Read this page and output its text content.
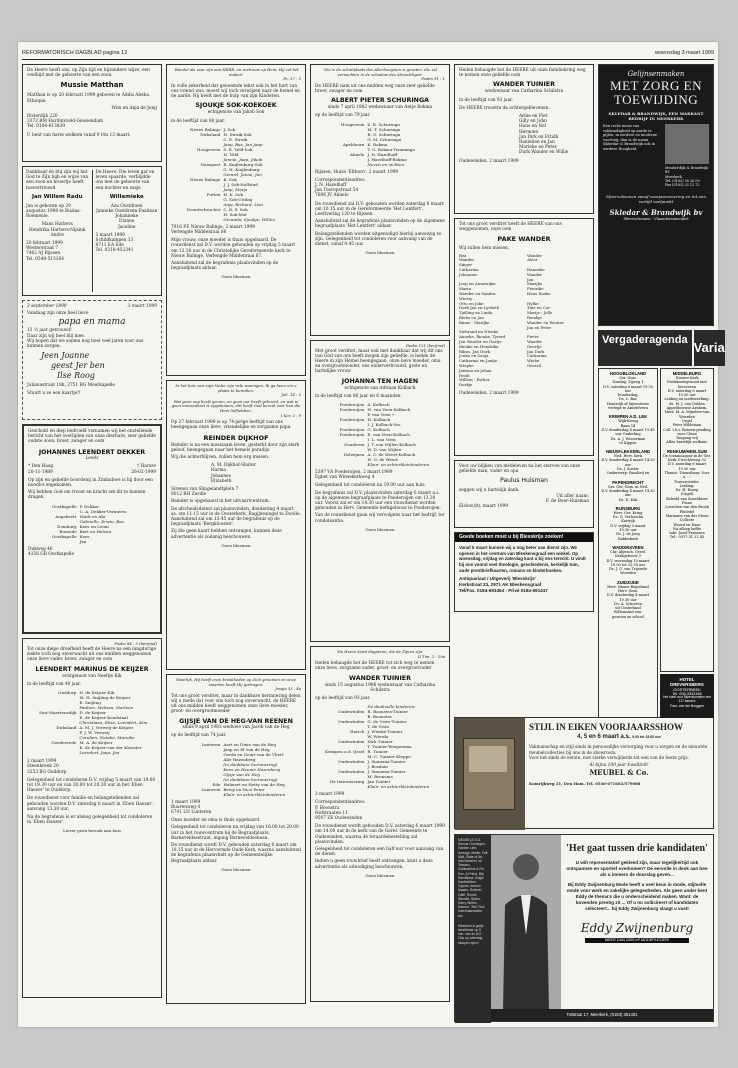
REFORMATORISCH DAGBLAD pagina 12	woensdag 3 maart 1999
De Heere heeft ons, op Zijn tijd en bijzondere wijze, een veelbijd met de geboorte van een zoon.
Mussie Matthan
Matthan is op 20 februari 1999 geboren te Addis Abeba, Ethiopie.
Wim en Anja de Jong
Rivierdijk 220
3372 BM Hardinxveld-Giessendam
Tel. 0184-613839
U bent van harte welkom vanaf 9 t/m 13 maart.
Dankbaar en blij zijn wij het God te Zijn bijh en wijze van een zoon en broertje heeft toevertrouwd
Jan Willem Radu
Jan is geboren op 29 augustus 1998 te Buzias-Roemenie.
Mans Harbers
Hendrika Harbers-Nijsink
Andre
20 februari 1999
Westerstraat 7
7462 AJ Rijssen
Tel. 0548-513164
De Heere, Die leven gaf en leven spaarde, verblijdde ons met de geboorte van een dochter en zusje
Willemieke
Aza Oostdrsen
Janneke Oostdrsen-Paalman
Johanneke
Dianne
Jaceline
3 maart 1999
Schildkampen 13
8711 EA Ede
Tel. 0318-452341
3 september 1899	3 maart 1999
Vandaag zijn onze heel lieve
papa en mama
12 ½ jaar getrouwd!
Daar zijn wij heel blij mee.
Wij hopen dat we samen nog heel veel jaren voor ons kunnen zorgen.
Jeen Joanne
geest Jer ben
Ilse Roog
Julianastraat 18h, 2751 BG Moerkapelle
Stuurt u ze een kaartje!!
Geschokt en diep bedroefd vernamen wij het onstellende bericht van het overlijden van onze dierbare, zeer geliefde oudste zoon, broer, zwager en oom
JOHANNES LEENDERT DEKKER
Leeds
* Den Haag
20-11-1989
† Harare
26-02-1999
Op zijn en geliefde boordenij in Zimbabwe is hij door een noodlot engekomen.
Wij hebben God om troost en kracht om dit te kunnen dragen.
Oostkapelle P. Dekker
C. A. Dekker-Vermeets
Augsbeetr Mark en Ahi
Gabrielle, Erwin, Bas
Domburg Kees en Leoni
Bussede Bart en Heleen
Oostkapelle Kees
Jan
Dukweg 46
4356 GB Oostkapelle
Psalm 84 : 5 (berijmd)
Tot onze diepe droefheid heeft de Heere na een langdurige ziekte toch nog onverwacht uit ons midden weggenomen onze lieve vader, broer, zwager en oom
LEENDERT MARINUS DE KEIJZER
echtgenoot van Neeltje Kik
in de leeftijd van 48 jaar.
Ouddorp N. de Keijzer-Kik
M. H. Snijling-de Keijzer
E. Snijling
Paulien, Melissa, Marleen
Sint-Maartensdijk D. de Keijzer
E. de Keijzer-Koudstaal
Chiristiaan, Elise, Leendert, Kim
Dirksland A. M. J. Verweij-de Keijzer
F. J. W. Verweij
Carolien, Natalie, Marieke
Goedereede M. A. de Keijzer
K. de Keijzer-van der Klooster
Leendert, Jaap, Jan
2 maart 1999
Steenkreek 20
3253 BG Ouddorp
Gelegenheid tot condoleren D.V. vrijdag 5 maart van 19.00 tot 19.30 uur en van 20.00 tot 20.30 uur in het 'Eben Haezer' te Ouddorp.
De rouwdienst voor familie en belangstellenden zal gehouden worden D.V. zaterdag 6 maart in 'Eben Haezer', aanvang 13.30 uur.
Na de begrafenis is er alsnog gelegenheid tot condoleren in 'Eben Haezer'.
Liever geen bezoek aan huis
'Wandel als voor zijn aan HERE, en vertrouw op Hem; Hij zal het maken'
Ps. 37 : 5
In volle zekerheid dat genoemde tekst ook in het hart van ons vriend was, moest wij toch verwijzen naar de hemel en de aarde. Hij heeft met de hulp van zijn Kinderen.
SJOUKJE SOK-KOEKOEK
echtgenote van Jakob Sok
in de leeftijd van 80 jaar.
Nieuw Balinge J. Sok
Dirksland H. Struik-Sok
C. E. Struik
Jaap, Bas, Jan Jaap
Hoogeveen S. R. Veld-Sok
H. Veld
Jannie, Jaap, Jakob
Nunspeet R. Kuijlenburg-Sok
G. H. Kuijlenburg
Gerard, Janne, Jan
Nieuw Balinge K. Sok
J. J. Sok-Hollstad
Jaap, Marja
Putten H. K. Sok
G. Sok-Uitdag
Anja, Richard, Lisa
Noordscheschut C. R. S. Sok
H. Sok-Mol
Geranda, Sjoukje, Willen
7916 PE Nieuw Balinge, 2 maart 1999
Verlengde Middenraai 66
Mijn vrouw, onze moeder is thuis opgebaard. De rouwdienst zal D.V. worden gehouden op vrijdag 5 maart om 12.30 uur in de Christelijke Gereformeerde kerk te Nieuw Balinge, Verlengde Middenraai 67.
Aansluitend zal de begrafenis plaatsvinden op de begraafplaats aldaar.
Geen bloemen
In het huis van mijn Vader zijn vele woningen. Ik ga heen om u plaats te bereiden.
Joh. 14 : 2
Wat geen oog heeft gezien, en geen oor heeft gehoord, en wat in geen mensenhart is opgekomen, dat heeft God bereid voor hen die Hem liefhebben.
I Kor. 2 : 9
Op 27 februari 1999 is op 74-jarige leeftijd van ons heengegaan onze lieve, vriendelijke en zorgzame papa
REINDER DIJKHOF
Reinder is na een moeizaam leven, gesterkt door zijn sterk geloof, heengegaan naar het hemels paradijs.
Wij die achterblijven, zullen hem erg missen.
A. M. Dijkhof-Sluiter
Harma
Johannes
Elizabeth
Sirenen van Slingelandtplein 7
8012 BH Zwolle
Reinder is opgebaard in het uitvaartcentrum.
De afscheidsdienst zal plaatsvinden, donderdag 4 maart as. om 11.15 uur in de Oosterkerk, Bagijnesingel te Zwolle. Aansluitend zal om 13.45 uur de begrafenis op de begraafplaats 'Bergklooster'.
Zij die geen kaart hebben ontvangen, kunnen deze advertentie als zodanig beschouwen.
Geen bloemen
Waarlijk, Hij heeft onze krankheden op Zich genomen en onze smarten heeft Hij gedragen.
Jesaja 53 : 4a
Tot ons groot verdriet, maar in dankbare herinnering delen wij u mede dat voor ons toch nog onverwacht, de HEERE uit ons midden heeft weggenomen onze lieve moeder, groot- en overgrootmoeder
GIJSJE VAN DE HEG-VAN REENEN
sinds 9 april 1983 weduwe van Jacob van de Heg
op de leeftijd van 74 jaar.
Lunteren Aart en Dinie van de Heg
Jaap en Ef van de Heg
Gerda en Geurt van de Vliert
Alie Hazenberg
(in dankbare herinnering)
Kees en Hennie Hazenberg
Gijsje van de Heg
(in dankbare herinnering)
Ede Helmert en Hetty van de Heg
Lunteren Betsy en Nico Peter
Klein- en achterkleinkinderen
1 maart 1999
Buurenweg 4
6741 LN Lunteren
Onze moeder en oma is thuis opgebaard.
Gelegenheid tot condoleren na vrijdag van 16.00 tot 20.00 uur in het rouwcentrum bij de Begraafplaats, Barneveldsestraat, ingang Barneveldsebaan.
De rouwdienst wordt D.V. gehouden zaterdag 6 maart om 10.15 uur in de Hervormde Oude Kerk, waarna aansluitend de begrafenis plaatsvindt op de Gemeentelijke Begraafplaats aldaar.
Geen bloemen
'Die is de schuilplaats des Allerhoogsten is gezeten, die zal vernachten in de schaduw des Almachtigen'
Psalm 91 : 1
De HEERE nam uit ons midden weg onze zeer geliefde broer, zwager en oom
ALBERT PIETER SCHURINGA
sinds 7 april 1982 weduwnaar van Antje Bokma
op de leeftijd van 79 jaar.
Hoogeveen Z. R. Schuringa
M. T. Schuringa
R. G. Schuringa
G. M. Schuringa
Apeldoorn K. Bokma
T. G. Bokma-Temminga
Almelo J. N. Hazelhoff
J. Hazelhoff-Bokma
Neven en nichten
Rijssen, Huize 'Elthoro', 2 maart 1999
Correspondentieadres:
J. N. Hazelhoff
Jan Tooropstraat 54
7606 JV Almelo
De rouwdienst zal D.V. gehouden worden zaterdag 6 maart om 10.15 uur in de Gereformeerde 'Het Lentfert'. Leeftvering 120 te Rijssen.
Aansluitend zal de begrafenis plaatsvinden op de algemene begraafplaats 'Het Lentfert' aldaar.
Belangstellenden worden uitgenodigd hierbij aanwezig te zijn. Gelegenheid tot condoleren voor aanvang van de dienst, vanaf 9.45 uur.
Geen bloemen
Psalm 121 (berijmd)
Met groot verdriet, maar ook met dankbaar dat wij dit ons van God van ons heeft mogen zijn geliefde, is heden de Heere in zijn Hemel heengegaan, onze lieve moeder, oma en overgrootmoeder, ons ondervertrouwd, grote en hartelijke vrouw
JOHANNA TEN HAGEN
echtgenote van Adriaan Kolbach
in de leeftijd van 86 jaar en 6 maanden.
Poederoijen A. Kolbach
Poederoijen H. van Veen-Kolbach
P. van Veen †
Poederoijen H. Kolbach
I. J. Kolbach-Vos
Poederoijen G. Kolbach
Poederoijen E. van Veen-Kolbach
I. L. van Veen
Gouderen J. T. van Wijlen-Kolbach
W. D. van Wijlen
Delwijnen A. C. de Weert-Kolbach
H. G. de Weert
Klein- en achterkleinkinderen
5397 VA Poederoijen, 2 maart 1999
Egbet van Winsekerkweg 4
Gelegenheid tot condoleren na 19.00 uur aan huis.
De begrafenis zal D.V. plaatsvinden zaterdag 6 maart a.s. op de algemene begraafplaats te Poederoijen om 13.30 uur. Voorst zal er om 14.30 uur een rouwdienst worden gehouden in Herv. Gemeente kerkgebouw te Poederoijen.
Van de rouwdienst gaan wij vervolgens naar het bedrijf, ter condoleantie.
Geen bloemen
'De Heere komt dapperen, die de Zijnen zijn'
II Tim. 2 : 19a
Heden behaagde het de HEERE tot zich weg te nemen onze lieve, zorgzame vader, groot- en overgrootvader
WANDER TUINIER
sinds 15 augustus 1986 weduwnaar van Catharina Schilstra
op de leeftijd van 93 jaar.
De dankvolle kinderen:
Oudewinden R. Boonstra-Tuinier
B. Boonstra
Oudewinden G. de Vries-Tuinier
T. de Vries
Harich J. Wieske-Tuinier
W. Wierda
Oudewinden Dirk Tuinier
T. Tuinier-Wiegersma
Krimpen a.d. IJssel R. Tuinier
M. C. Tuinier-Kleppe
Oudewinden J. Sinnema-Tuinier
J. Bosdam
Oudewinden J. Sinnema-Tuinier
M. Brunsma
De Interuwering Jan Tuinier
Klein- en achterkleinkinderen
3 maart 1999
Correspondentieadres:
P. Boonstra
Hofstraaten 11
9507 ZE Oudewinden
De rouwdienst wordt gehouden D.V. zaterdag 6 maart 1999 om 14.00 uur in de kerk van de Geref. Gemeente te Oudewinden, waarna de teraardebestelling zal plaatsvinden.
Gelegenheid tot condoleren een half uur voor aanvang van de dienst.
Indien u geen rouwbrief heeft ontvangen, kunt u deze advertentie als uitnodiging beschouwen.
Geen bloemen
Heden behaagde het de HEERE uit onze familiekring weg te nemen onze geliefde oom
WANDER TUINIER
weduwnaar van Catharina Schilstra
in de leeftijd van 93 jaar.
De HEERE troostte de achtergeblevenen.
Arnie en Piet
Gilly en John
Hans en Nel
Hermien
Jan Dirk en Ettidh
Ranielien en Jan
Marieke en Peter
Durk Wander en Willie
Oudewinden, 2 maart 1999
Tot ons groot verdriet heeft de HEERE van ons weggenomen, onze oom
PAKE WANDER
Wij zullen hem missen.
Bea
Wander
Singer
Catharina
Johannes

Joop en Annewijka
Marta
Wander en Sandra
Wietsy
Otto en Joke
Durk Jan en Lysbeth
Tjalling en Linda
Rieke en Jan
Binne - Marijke

Siebrand en Nienke
Anneke, Rienke, Tjeerd
Jan Wander en Durtje
Rienke en Hendrika
Rikus, Jan Durk
Jouke en Sonja
Catharina en Jantje
Wiepke
Jantina en Johan
Heidi
Willem - Esther
Durkje
Wander
Aleer

Hanneke
Wander
Jan
Marijke
Fienrike
Hans Raoks

Hylke
Tine en Cor
Marije - Jelle
Rienkje
Wander en Wouter
Jan en Peter

Pieter
Wander
Geertje
Jan Durk
Catharina
Wiebe
Gerard
Oudewinden, 2 maart 1999
Voor uw blijken van medeleven na het sterven van onze geliefde man, vader en opa
Paulus Huisman
zeggen wij u hartelijk dank.
Uit aller naam:
F. de Boer-Huisman
Elsloo(dt), maart 1999
Goede boeken moet u bij Blesskrijs zoeken!
Vanaf 5 maart kunnen wij u nog beter van dienst zijn. We openen in het centrum van Bleskensgraaf een winkel. Op woensdag, vrijdag en zaterdag kunt u bij ons terecht. U vindt bij ons vooral veel theologie, geschiedenis, kerkelijk tuin, oude prentbriefkaarten, romans en kinderboeken.
Antiquariaat / Uitgeverij 'Blesskrijs'
Kerkstraat 23, 2971 AK Bleskensgraaf
Tel/Fax. 0184-693464 - Privé 0184-691447
STIJL IN EIKEN VOORJAARSSHOW
4, 5 en 6 maart a.s. 9.00 tot 18.00 uur
Vakmanschap en stijl sinds in persoonlijke verzorging voor u zorgen en de nieuwste meubelcollecties bij ons in de showroom.
Voor het sinds de eerste, met sterke verwijderde tot een van de beste prijs.
Al bijna 100 jaar kwaliteit!
MEUBEL & Co.
Komrijkweg 21, Den Ham. Tel. 0546-671602/579088
MEUBELS D.A. Domus Groningen, Garden Line, Arrange, Mellin, Fall Mall, State of Art, Van Bommel, vb Tessaro, Zuidewinkel & Prt Hox, A Prima, Bik, Randklase, Bugis Kantherblen, Cyprus, Antoon Maaes, Roberto Gatti, Romei, Stenrite, Boten, Gerry Weber, Marmot, Teuf Teuf, Inwerkaandaken, etc.
Meerkerk is gelijk bereikbaar op 5 min. van de A27. Ook op zaterdag inkopen open!
'Het gaat tussen drie kandidaten'
U wilt representatief gekleed zijn, maar tegelijkertijd ook ontspannen en sportief overkomen? Dé eervolle in denk aan ben als u immers de doorslag geven...
Bij Eddy Zwijnenburg Mode heeft u veel keus in mode, stijlvolle mode voor werk en zakelijke gelegenheden. Als geen ander kent Eddy de thema's die u onderscheidend maken. Want: de bovenden prestig zit ... Of u nu solliciteert of kandidaten selecteert... bij Eddy Zwijnenburg slaagt u vast!
Eddy Zwijnenburg
MEER DAN 1000 m² MODEPLEZIER!
Tolstraat 17, Meerkerk, (0183) 351401
Gelijnsenmaken
MET ZORG EN TOEWIJDING
SKLEDAR & BRANDWIJK, EEN MARKANT BEDRIJF IN MEERKERK
Een recht mens van vakkundigheid op aarde te pijlen, in eerdere en moderne voertuig, dan is de naam Sklerdar & Brandwijk ook in eerdere Hoogheid.
Meubel-dijk & Brandwijk
BV
Meerkerk
Tel. (0183) 35 26 00
Fax (0183) 35 12 72
Sfeervolwonen vanaf voorjaarsvoering en tot een vertijd veelpunkt
Skledar & Brandwijk bv
Sfeervolwonen - Vlaanderenmeubel
Vergaderagenda Varia
HOOGBLOKLAND
Ger. Gem.
Zondag; Zijweg 1
D.V. zaterdag 6 maart 19.30 uur
Donderdag;
Ds. L. Bac
Houtwijk of bijwesterse verlegd te Amstelveen
KRIMPEN A.D. LEK
Wijk-Kreng
Baan 14
D.V. donderdag 4 maart 19.45 uur Ouderling
Ds. A. J. Wisserman
te Kippen
NIEUW-LEKKERLAND
Ned. Herv. kerk
D.V. donderdag 4 maart 14.30 uur
Ds. J. Koster
Onderwerp: Paaslied en
PAPENDRECHT
Ger. Ger. Gem. in Ned.
D.V. donderdag 4 maart 14.30 uur
Ds. D. Kok
RIJNSBURG
Herv. Ger. Kring
Ds. G. Verhoeckx
Katwijk
D.V. vrijdag 5 maart
19.30 uur
Ds. J. de Jong
Ridderkerk
WADDINXVEEN
Chr. Afgesch. Geref.
Kerkgebouw 3
D.V. woensdag 10 maart
19.00 tot 22.00 uur
Ds. J. G. van Trijseele
Woerden
ZUIDZIJDE
Herv. Nieuw-Beijerland
Herv. Gem.
D.V. donderdag 4 maart
19.30 uur
Ds. A. Schroten
uit Oosterland
Willemstad van-
gewoon en school
MIDDELBURG
Nieuwe Kerk
Predikantsgezond met heroveren
D.V. zaterdag 6 maart
19.30 uur
Leiding en medewerking: ds. M. J. van Gulden Appeldoornse Arnhem, Mevr. M. A. Mijnders-van Weerden
Orgel
Peter Wildeman
Coll. t.b.v. Bonsen-pending voor China
Toegang vrij
Allen hartelijk welkom!
RENKUM/HEELSUM
De toenmoagoor in de Ger. Kerk Utrechtsweg 32
D.V. zaterdag 6 maart 19.30 uur
Thema: 'Dienstbaar, Voer u ...'
Torenvoerder:
Leiding:
Ds. H. Kroep
(Orgel)
Beleeld van Sneeldaver
Piano
Loeschen van den Broek
Fluitstel
Marianne van der Steen
Collecte
Woord en Dans
Na afloop koffie
Info: Josef Franssen
Tel.: 0317-31 22 45
HOTEL DREVERSBERG
OOSTERBEEK
Tel. 026-3333188
Het hotel voor Bijeenkomsten met 127 kamers
Fam. van der Bruggen
